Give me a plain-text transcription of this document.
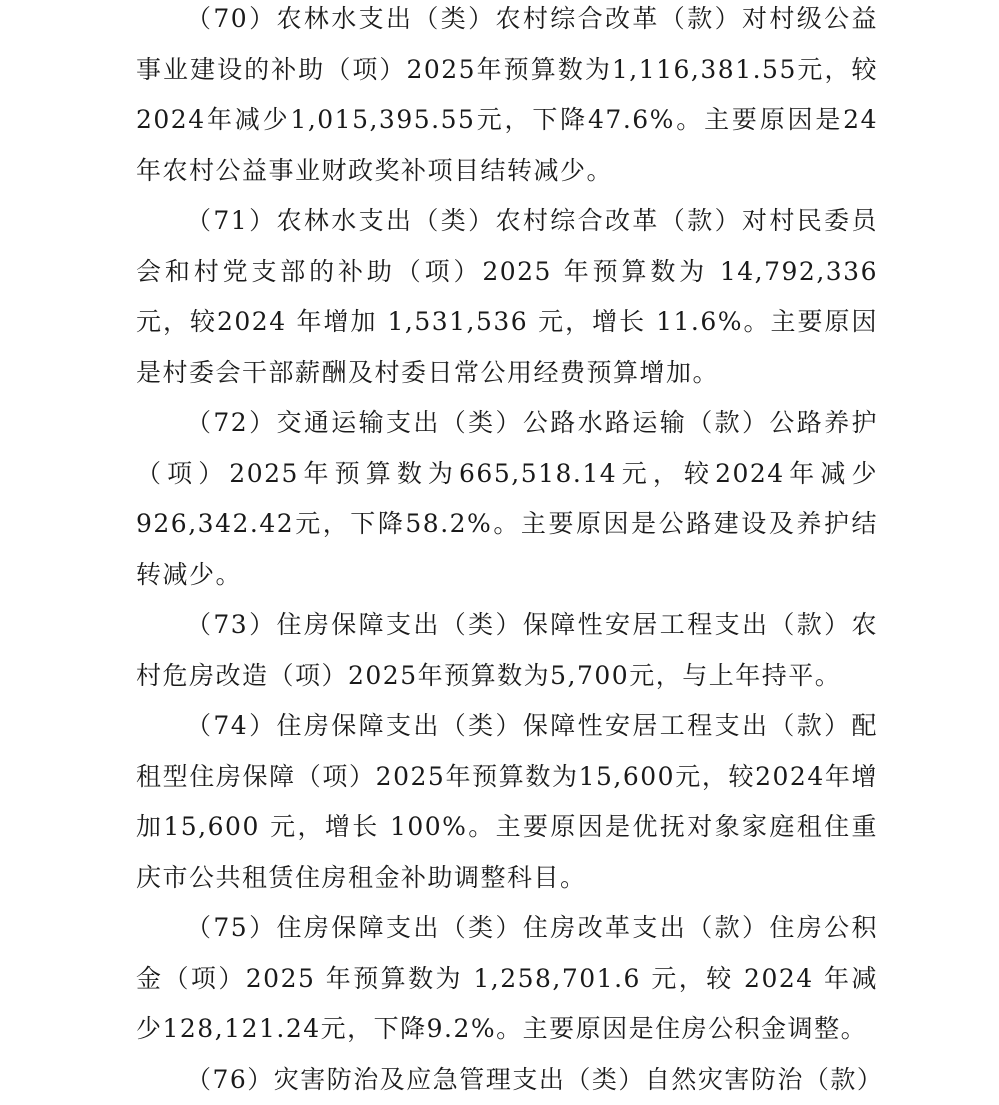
（70）农林水支出（类）农村综合改革（款）对村级公益事业建设的补助（项）2025年预算数为1,116,381.55元，较2024年减少1,015,395.55元，下降47.6%。主要原因是24年农村公益事业财政奖补项目结转减少。

（71）农林水支出（类）农村综合改革（款）对村民委员会和村党支部的补助（项）2025 年预算数为 14,792,336 元，较2024 年增加 1,531,536 元，增长 11.6%。主要原因是村委会干部薪酬及村委日常公用经费预算增加。

（72）交通运输支出（类）公路水路运输（款）公路养护（项）2025年预算数为665,518.14元，较2024年减少926,342.42元，下降58.2%。主要原因是公路建设及养护结转减少。

（73）住房保障支出（类）保障性安居工程支出（款）农村危房改造（项）2025年预算数为5,700元，与上年持平。

（74）住房保障支出（类）保障性安居工程支出（款）配租型住房保障（项）2025年预算数为15,600元，较2024年增加15,600 元，增长 100%。主要原因是优抚对象家庭租住重庆市公共租赁住房租金补助调整科目。

（75）住房保障支出（类）住房改革支出（款）住房公积金（项）2025 年预算数为 1,258,701.6 元，较 2024 年减少128,121.24元，下降9.2%。主要原因是住房公积金调整。

（76）灾害防治及应急管理支出（类）自然灾害防治（款）
